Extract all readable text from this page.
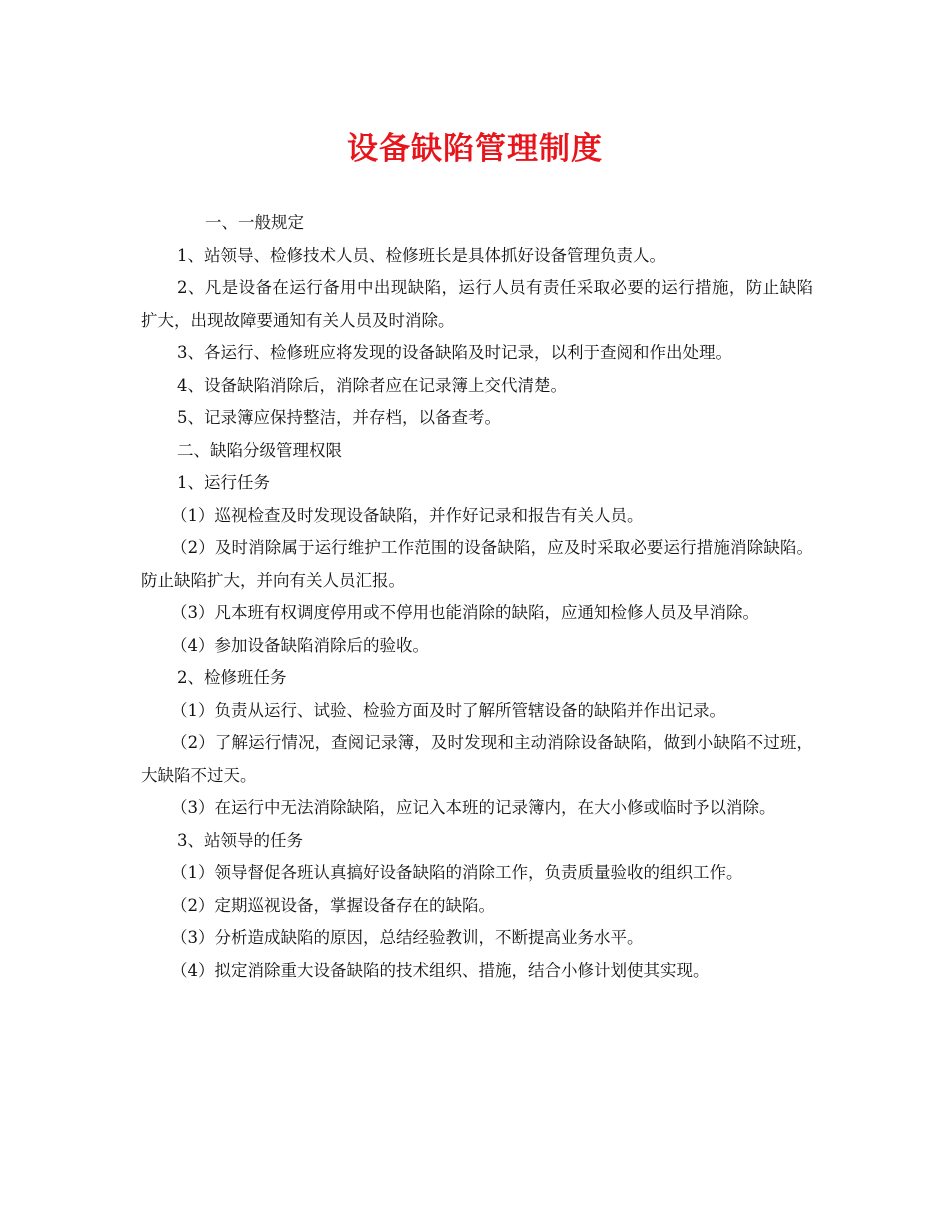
设备缺陷管理制度

一、一般规定

1、站领导、检修技术人员、检修班长是具体抓好设备管理负责人。

2、凡是设备在运行备用中出现缺陷，运行人员有责任采取必要的运行措施，防止缺陷扩大，出现故障要通知有关人员及时消除。

3、各运行、检修班应将发现的设备缺陷及时记录，以利于查阅和作出处理。

4、设备缺陷消除后，消除者应在记录簿上交代清楚。

5、记录簿应保持整洁，并存档，以备查考。

二、缺陷分级管理权限

1、运行任务

（1）巡视检查及时发现设备缺陷，并作好记录和报告有关人员。

（2）及时消除属于运行维护工作范围的设备缺陷，应及时采取必要运行措施消除缺陷。防止缺陷扩大，并向有关人员汇报。

（3）凡本班有权调度停用或不停用也能消除的缺陷，应通知检修人员及早消除。

（4）参加设备缺陷消除后的验收。

2、检修班任务

（1）负责从运行、试验、检验方面及时了解所管辖设备的缺陷并作出记录。

（2）了解运行情况，查阅记录簿，及时发现和主动消除设备缺陷，做到小缺陷不过班，大缺陷不过天。

（3）在运行中无法消除缺陷，应记入本班的记录簿内，在大小修或临时予以消除。

3、站领导的任务

（1）领导督促各班认真搞好设备缺陷的消除工作，负责质量验收的组织工作。

（2）定期巡视设备，掌握设备存在的缺陷。

（3）分析造成缺陷的原因，总结经验教训，不断提高业务水平。

（4）拟定消除重大设备缺陷的技术组织、措施，结合小修计划使其实现。
